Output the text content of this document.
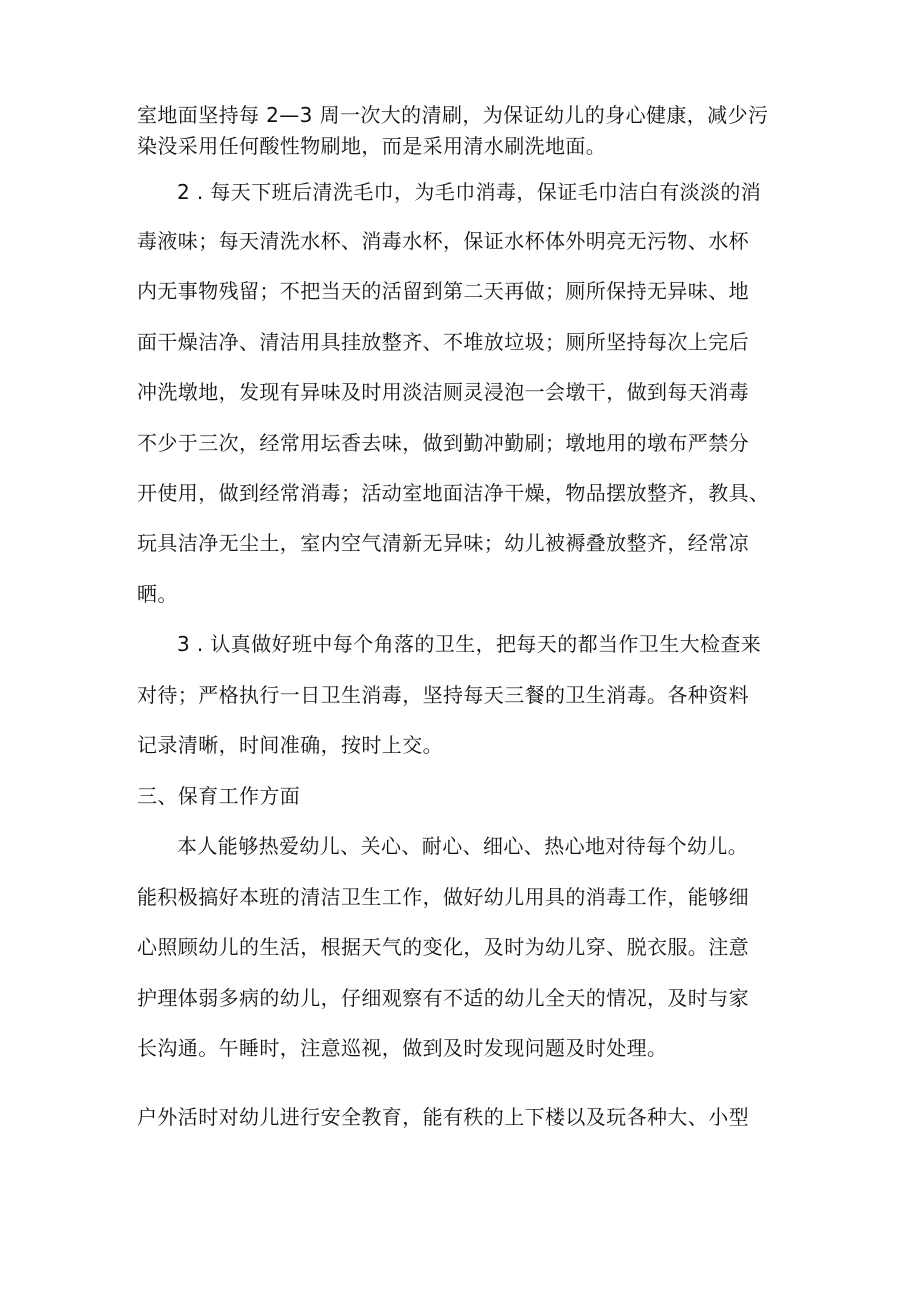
室地面坚持每 2—3 周一次大的清刷，为保证幼儿的身心健康，减少污
染没采用任何酸性物刷地，而是采用清水刷洗地面。
2 . 每天下班后清洗毛巾，为毛巾消毒，保证毛巾洁白有淡淡的消
毒液味；每天清洗水杯、消毒水杯，保证水杯体外明亮无污物、水杯
内无事物残留；不把当天的活留到第二天再做；厕所保持无异味、地
面干燥洁净、清洁用具挂放整齐、不堆放垃圾；厕所坚持每次上完后
冲洗墩地，发现有异味及时用淡洁厕灵浸泡一会墩干，做到每天消毒
不少于三次，经常用坛香去味，做到勤冲勤刷；墩地用的墩布严禁分
开使用，做到经常消毒；活动室地面洁净干燥，物品摆放整齐，教具、
玩具洁净无尘土，室内空气清新无异味；幼儿被褥叠放整齐，经常凉
晒。
3 . 认真做好班中每个角落的卫生，把每天的都当作卫生大检查来
对待；严格执行一日卫生消毒，坚持每天三餐的卫生消毒。各种资料
记录清晰，时间准确，按时上交。
三、保育工作方面
本人能够热爱幼儿、关心、耐心、细心、热心地对待每个幼儿。
能积极搞好本班的清洁卫生工作，做好幼儿用具的消毒工作，能够细
心照顾幼儿的生活，根据天气的变化，及时为幼儿穿、脱衣服。注意
护理体弱多病的幼儿，仔细观察有不适的幼儿全天的情况，及时与家
长沟通。午睡时，注意巡视，做到及时发现问题及时处理。
户外活时对幼儿进行安全教育，能有秩的上下楼以及玩各种大、小型
